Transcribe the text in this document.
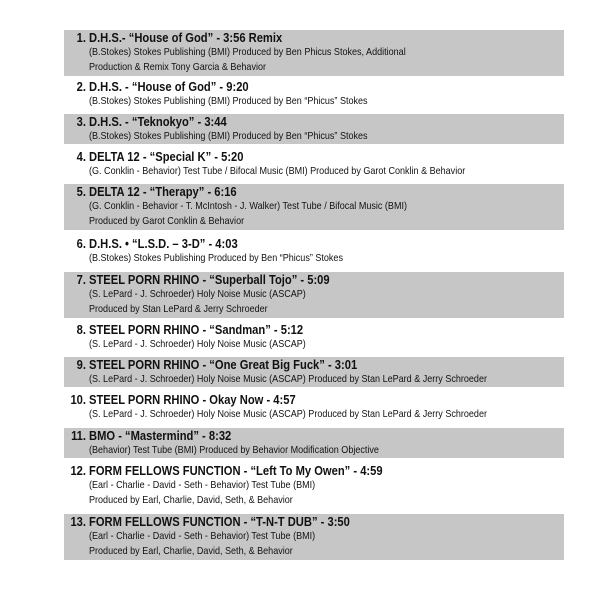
1. D.H.S.- “House of God” - 3:56 Remix
(B.Stokes) Stokes Publishing (BMI) Produced by Ben Phicus Stokes, Additional
Production & Remix Tony Garcia & Behavior
2. D.H.S. - “House of God” - 9:20
(B.Stokes) Stokes Publishing (BMI) Produced by Ben “Phicus” Stokes
3. D.H.S. - “Teknokyo” - 3:44
(B.Stokes) Stokes Publishing (BMI) Produced by Ben “Phicus” Stokes
4. DELTA 12 - “Special K” - 5:20
(G. Conklin - Behavior) Test Tube / Bifocal Music (BMI) Produced by Garot Conklin & Behavior
5. DELTA 12 - “Therapy” - 6:16
(G. Conklin - Behavior - T. McIntosh - J. Walker) Test Tube / Bifocal Music (BMI)
Produced by Garot Conklin & Behavior
6. D.H.S. • “L.S.D. – 3-D” - 4:03
(B.Stokes) Stokes Publishing Produced by Ben “Phicus” Stokes
7. STEEL PORN RHINO - “Superball Tojo” - 5:09
(S. LePard - J. Schroeder) Holy Noise Music (ASCAP)
Produced by Stan LePard & Jerry Schroeder
8. STEEL PORN RHINO - “Sandman” - 5:12
(S. LePard - J. Schroeder) Holy Noise Music (ASCAP)
9. STEEL PORN RHINO - “One Great Big Fuck” - 3:01
(S. LePard - J. Schroeder) Holy Noise Music (ASCAP) Produced by Stan LePard & Jerry Schroeder
10. STEEL PORN RHINO - Okay Now - 4:57
(S. LePard - J. Schroeder) Holy Noise Music (ASCAP) Produced by Stan LePard & Jerry Schroeder
11. BMO - “Mastermind” - 8:32
(Behavior) Test Tube (BMI) Produced by Behavior Modification Objective
12. FORM FELLOWS FUNCTION - “Left To My Owen” - 4:59
(Earl - Charlie - David - Seth - Behavior) Test Tube (BMI)
Produced by Earl, Charlie, David, Seth, & Behavior
13. FORM FELLOWS FUNCTION - “T-N-T DUB” - 3:50
(Earl - Charlie - David - Seth - Behavior) Test Tube (BMI)
Produced by Earl, Charlie, David, Seth, & Behavior
